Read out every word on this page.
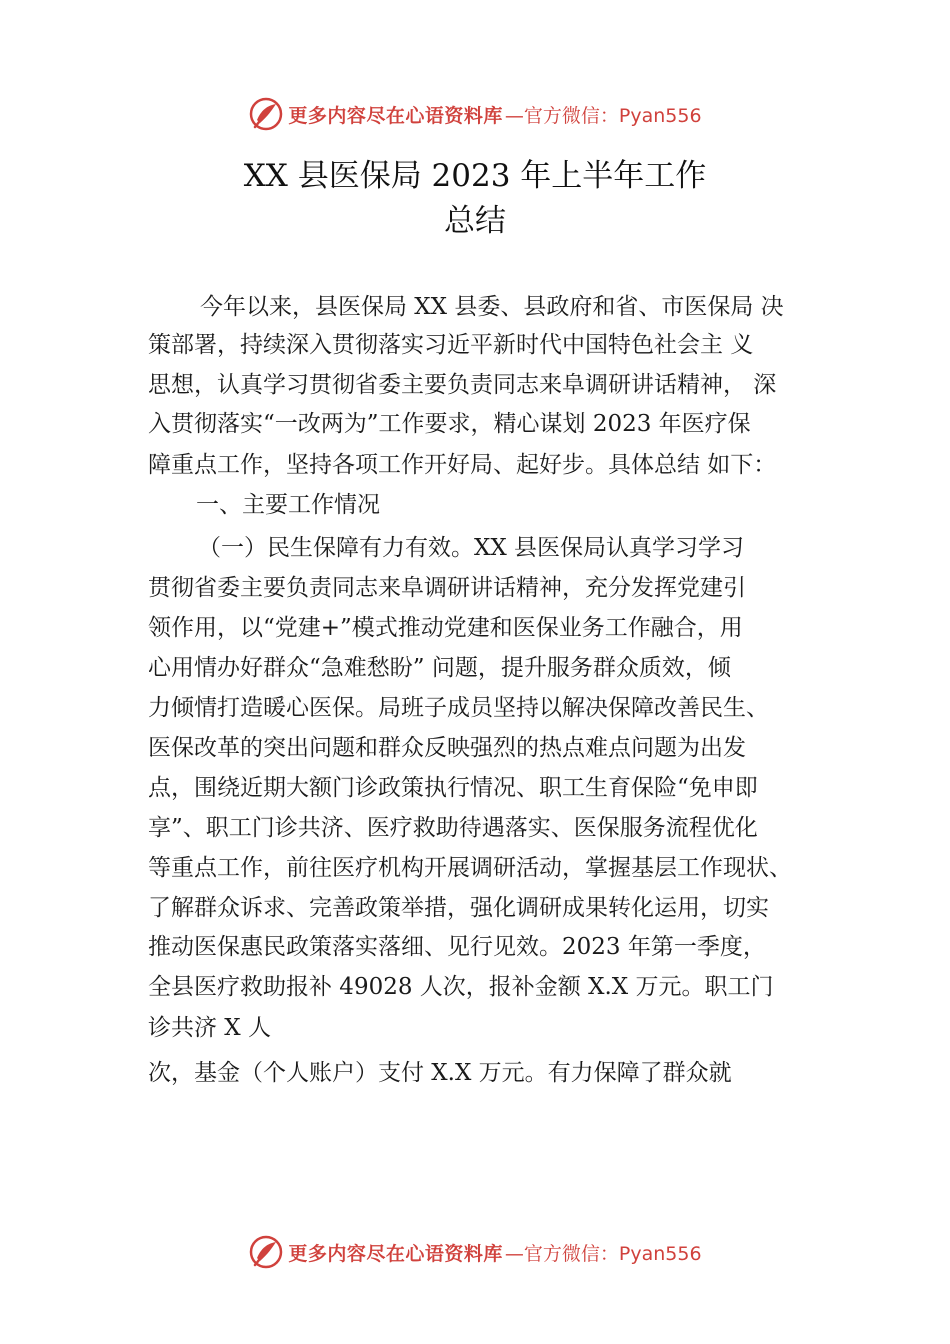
更多内容尽在心语资料库 —官方微信：Pyan556
XX 县医保局 2023 年上半年工作
总结
今年以来，县医保局 XX 县委、县政府和省、市医保局 决
策部署，持续深入贯彻落实习近平新时代中国特色社会主 义
思想，认真学习贯彻省委主要负责同志来阜调研讲话精神， 深
入贯彻落实“一改两为”工作要求，精心谋划 2023 年医疗保
障重点工作，坚持各项工作开好局、起好步。具体总结 如下：
一、主要工作情况
（一）民生保障有力有效。XX 县医保局认真学习学习
贯彻省委主要负责同志来阜调研讲话精神，充分发挥党建引
领作用，以“党建+”模式推动党建和医保业务工作融合，用
心用情办好群众“急难愁盼” 问题，提升服务群众质效，倾
力倾情打造暖心医保。局班子成员坚持以解决保障改善民生、
医保改革的突出问题和群众反映强烈的热点难点问题为出发
点，围绕近期大额门诊政策执行情况、职工生育保险“免申即
享”、职工门诊共济、医疗救助待遇落实、医保服务流程优化
等重点工作，前往医疗机构开展调研活动，掌握基层工作现状、
了解群众诉求、完善政策举措，强化调研成果转化运用，切实
推动医保惠民政策落实落细、见行见效。2023 年第一季度，
全县医疗救助报补 49028 人次，报补金额 X.X 万元。职工门
诊共济 X 人
次，基金（个人账户）支付 X.X 万元。有力保障了群众就
更多内容尽在心语资料库 —官方微信：Pyan556
